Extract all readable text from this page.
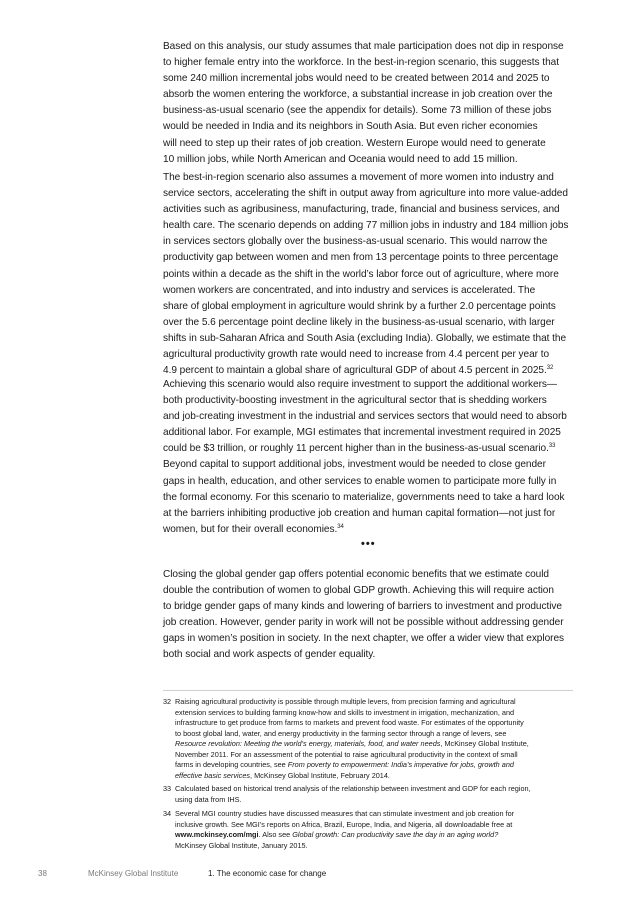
Based on this analysis, our study assumes that male participation does not dip in response
to higher female entry into the workforce. In the best-in-region scenario, this suggests that
some 240 million incremental jobs would need to be created between 2014 and 2025 to
absorb the women entering the workforce, a substantial increase in job creation over the
business-as-usual scenario (see the appendix for details). Some 73 million of these jobs
would be needed in India and its neighbors in South Asia. But even richer economies
will need to step up their rates of job creation. Western Europe would need to generate
10 million jobs, while North American and Oceania would need to add 15 million.
The best-in-region scenario also assumes a movement of more women into industry and
service sectors, accelerating the shift in output away from agriculture into more value-added
activities such as agribusiness, manufacturing, trade, financial and business services, and
health care. The scenario depends on adding 77 million jobs in industry and 184 million jobs
in services sectors globally over the business-as-usual scenario. This would narrow the
productivity gap between women and men from 13 percentage points to three percentage
points within a decade as the shift in the world’s labor force out of agriculture, where more
women workers are concentrated, and into industry and services is accelerated. The
share of global employment in agriculture would shrink by a further 2.0 percentage points
over the 5.6 percentage point decline likely in the business-as-usual scenario, with larger
shifts in sub-Saharan Africa and South Asia (excluding India). Globally, we estimate that the
agricultural productivity growth rate would need to increase from 4.4 percent per year to
4.9 percent to maintain a global share of agricultural GDP of about 4.5 percent in 2025.32
Achieving this scenario would also require investment to support the additional workers—
both productivity-boosting investment in the agricultural sector that is shedding workers
and job-creating investment in the industrial and services sectors that would need to absorb
additional labor. For example, MGI estimates that incremental investment required in 2025
could be $3 trillion, or roughly 11 percent higher than in the business-as-usual scenario.$^{33}$
Beyond capital to support additional jobs, investment would be needed to close gender
gaps in health, education, and other services to enable women to participate more fully in
the formal economy. For this scenario to materialize, governments need to take a hard look
at the barriers inhibiting productive job creation and human capital formation—not just for
women, but for their overall economies.$^{34}$
•••
Closing the global gender gap offers potential economic benefits that we estimate could
double the contribution of women to global GDP growth. Achieving this will require action
to bridge gender gaps of many kinds and lowering of barriers to investment and productive
job creation. However, gender parity in work will not be possible without addressing gender
gaps in women’s position in society. In the next chapter, we offer a wider view that explores
both social and work aspects of gender equality.
32 Raising agricultural productivity is possible through multiple levers, from precision farming and agricultural
extension services to building farming know-how and skills to investment in irrigation, mechanization, and
infrastructure to get produce from farms to markets and prevent food waste. For estimates of the opportunity
to boost global land, water, and energy productivity in the farming sector through a range of levers, see
Resource revolution: Meeting the world’s energy, materials, food, and water needs, McKinsey Global Institute,
November 2011. For an assessment of the potential to raise agricultural productivity in the context of small
farms in developing countries, see From poverty to empowerment: India’s imperative for jobs, growth and
effective basic services, McKinsey Global Institute, February 2014.
33 Calculated based on historical trend analysis of the relationship between investment and GDP for each region,
using data from IHS.
34 Several MGI country studies have discussed measures that can stimulate investment and job creation for
inclusive growth. See MGI’s reports on Africa, Brazil, Europe, India, and Nigeria, all downloadable free at
www.mckinsey.com/mgi. Also see Global growth: Can productivity save the day in an aging world?
McKinsey Global Institute, January 2015.
38	McKinsey Global Institute	1. The economic case for change
